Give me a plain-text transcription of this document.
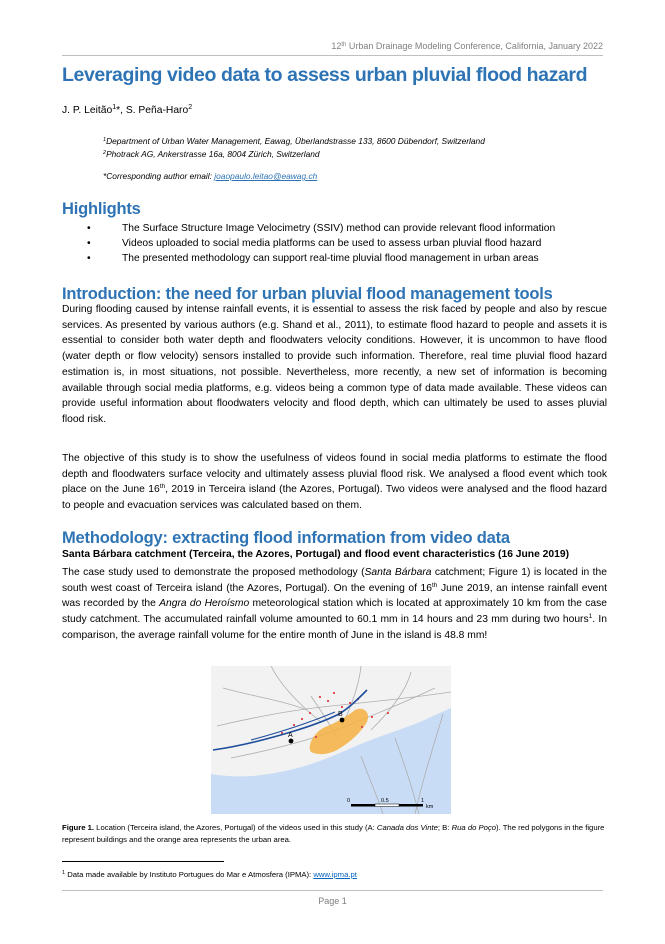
12th Urban Drainage Modeling Conference, California, January 2022
Leveraging video data to assess urban pluvial flood hazard
J. P. Leitão$^1$*, S. Peña-Haro$^2$
$^1$Department of Urban Water Management, Eawag, Überlandstrasse 133, 8600 Dübendorf, Switzerland
$^2$Photrack AG, Ankerstrasse 16a, 8004 Zürich, Switzerland
*Corresponding author email: joaopaulo.leitao@eawag.ch
Highlights
•	The Surface Structure Image Velocimetry (SSIV) method can provide relevant flood information
•	Videos uploaded to social media platforms can be used to assess urban pluvial flood hazard
•	The presented methodology can support real-time pluvial flood management in urban areas
Introduction: the need for urban pluvial flood management tools

During flooding caused by intense rainfall events, it is essential to assess the risk faced by people and also by rescue services. As presented by various authors (e.g. Shand et al., 2011), to estimate flood hazard to people and assets it is essential to consider both water depth and floodwaters velocity conditions. However, it is uncommon to have flood (water depth or flow velocity) sensors installed to provide such information. Therefore, real time pluvial flood hazard estimation is, in most situations, not possible. Nevertheless, more recently, a new set of information is becoming available through social media platforms, e.g. videos being a common type of data made available. These videos can provide useful information about floodwaters velocity and flood depth, which can ultimately be used to asses pluvial flood risk.

The objective of this study is to show the usefulness of videos found in social media platforms to estimate the flood depth and floodwaters surface velocity and ultimately assess pluvial flood risk. We analysed a flood event which took place on the June 16th, 2019 in Terceira island (the Azores, Portugal). Two videos were analysed and the flood hazard to people and evacuation services was calculated based on them.

Methodology: extracting flood information from video data
Santa Bárbara catchment (Terceira, the Azores, Portugal) and flood event characteristics (16 June 2019)

The case study used to demonstrate the proposed methodology (Santa Bárbara catchment; Figure 1) is located in the south west coast of Terceira island (the Azores, Portugal). On the evening of 16th June 2019, an intense rainfall event was recorded by the Angra do Heroísmo meteorological station which is located at approximately 10 km from the case study catchment. The accumulated rainfall volume amounted to 60.1 mm in 14 hours and 23 mm during two hours$^1$. In comparison, the average rainfall volume for the entire month of June in the island is 48.8 mm!

A
B
0	0.5	1
km

Figure 1. Location (Terceira island, the Azores, Portugal) of the videos used in this study (A: Canada dos Vinte; B: Rua do Poço). The red polygons in the figure represent buildings and the orange area represents the urban area.

$^1$ Data made available by Instituto Portugues do Mar e Atmosfera (IPMA): www.ipma.pt
Page 1
